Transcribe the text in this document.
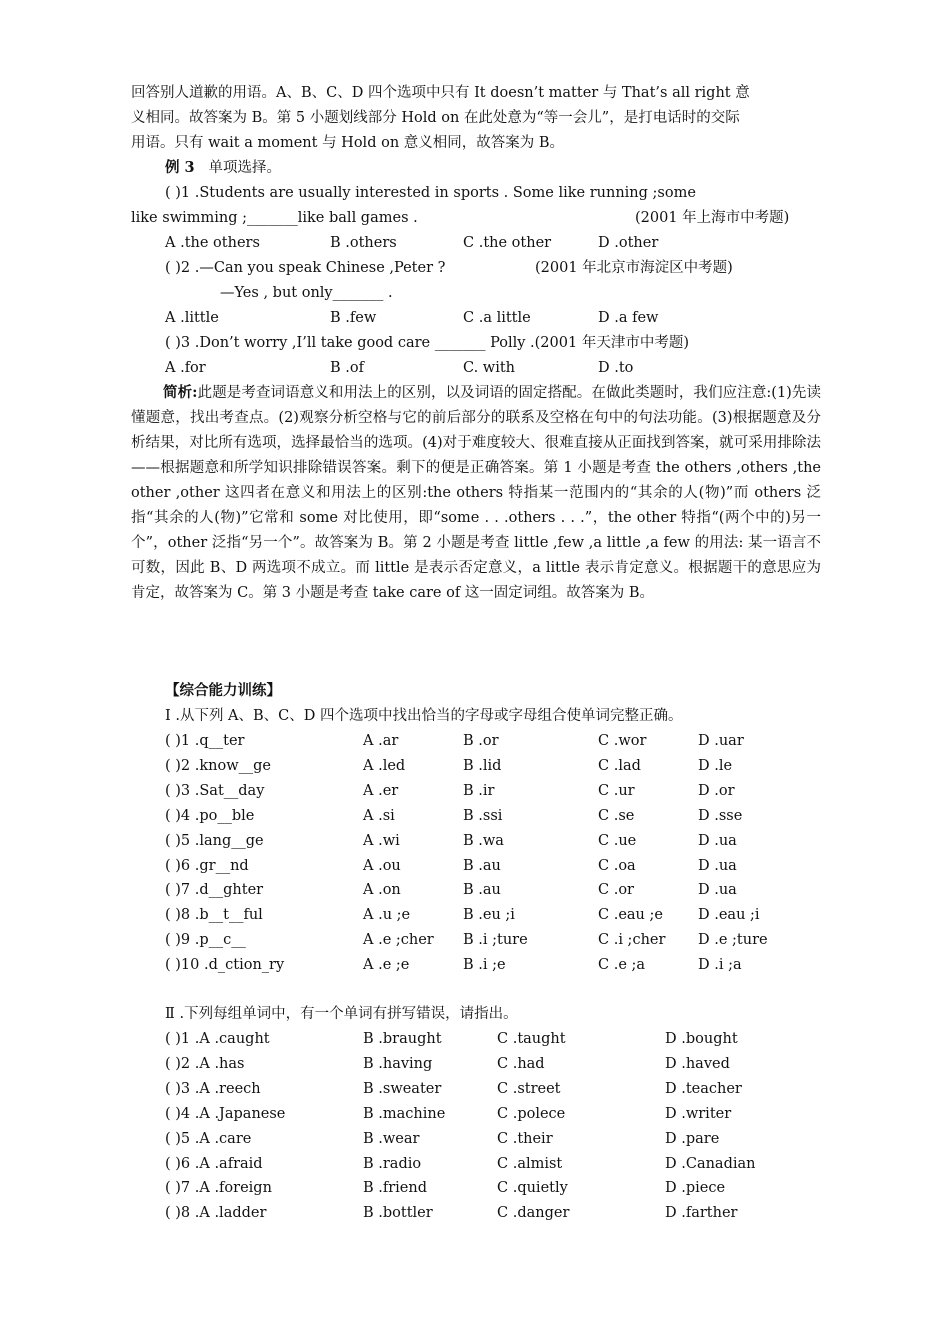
回答别人道歉的用语。A、B、C、D 四个选项中只有 It doesn’t matter 与 That’s all right 意
义相同。故答案为 B。第 5 小题划线部分 Hold on 在此处意为“等一会儿”，是打电话时的交际
用语。只有 wait a moment 与 Hold on 意义相同，故答案为 B。
例 3 单项选择。
( )1 .Students are usually interested in sports . Some like running ;some
like swimming ;_______like ball games .	(2001 年上海市中考题)
A .the others	B .others	C .the other	D .other
( )2 .—Can you speak Chinese ,Peter ?	(2001 年北京市海淀区中考题)
—Yes , but only_______ .
A .little	B .few	C .a little	D .a few
( )3 .Don’t worry ,I’ll take good care _______ Polly .(2001 年天津市中考题)
A .for	B .of	C. with	D .to
简析:此题是考查词语意义和用法上的区别，以及词语的固定搭配。在做此类题时，我们应注意:(1)先读懂题意，找出考查点。(2)观察分析空格与它的前后部分的联系及空格在句中的句法功能。(3)根据题意及分析结果，对比所有选项，选择最恰当的选项。(4)对于难度较大、很难直接从正面找到答案，就可采用排除法——根据题意和所学知识排除错误答案。剩下的便是正确答案。第 1 小题是考查 the others ,others ,the other ,other 这四者在意义和用法上的区别:the others 特指某一范围内的“其余的人(物)”而 others 泛指“其余的人(物)”它常和 some 对比使用，即“some . . .others . . .”，the other 特指“(两个中的)另一个”，other 泛指“另一个”。故答案为 B。第 2 小题是考查 little ,few ,a little ,a few 的用法: 某一语言不可数，因此 B、D 两选项不成立。而 little 是表示否定意义，a little 表示肯定意义。根据题干的意思应为肯定，故答案为 C。第 3 小题是考查 take care of 这一固定词组。故答案为 B。
【综合能力训练】
Ⅰ .从下列 A、B、C、D 四个选项中找出恰当的字母或字母组合使单词完整正确。
( )1 .q__ter	A .ar	B .or	C .wor	D .uar
( )2 .know__ge	A .led	B .lid	C .lad	D .le
( )3 .Sat__day	A .er	B .ir	C .ur	D .or
( )4 .po__ble	A .si	B .ssi	C .se	D .sse
( )5 .lang__ge	A .wi	B .wa	C .ue	D .ua
( )6 .gr__nd	A .ou	B .au	C .oa	D .ua
( )7 .d__ghter	A .on	B .au	C .or	D .ua
( )8 .b__t__ful	A .u ;e	B .eu ;i	C .eau ;e D .eau ;i
( )9 .p__c__	A .e ;cher B .i ;ture	C .i ;cher D .e ;ture
( )10 .d_ction_ry	A .e ;e	B .i ;e	C .e ;a	D .i ;a
Ⅱ .下列每组单词中，有一个单词有拼写错误，请指出。
( )1 .A .caught	B .braught	C .taught	D .bought
( )2 .A .has	B .having	C .had	D .haved
( )3 .A .reech	B .sweater	C .street	D .teacher
( )4 .A .Japanese	B .machine	C .polece	D .writer
( )5 .A .care	B .wear	C .their	D .pare
( )6 .A .afraid	B .radio	C .almist	D .Canadian
( )7 .A .foreign	B .friend	C .quietly	D .piece
( )8 .A .ladder	B .bottler	C .danger	D .farther
